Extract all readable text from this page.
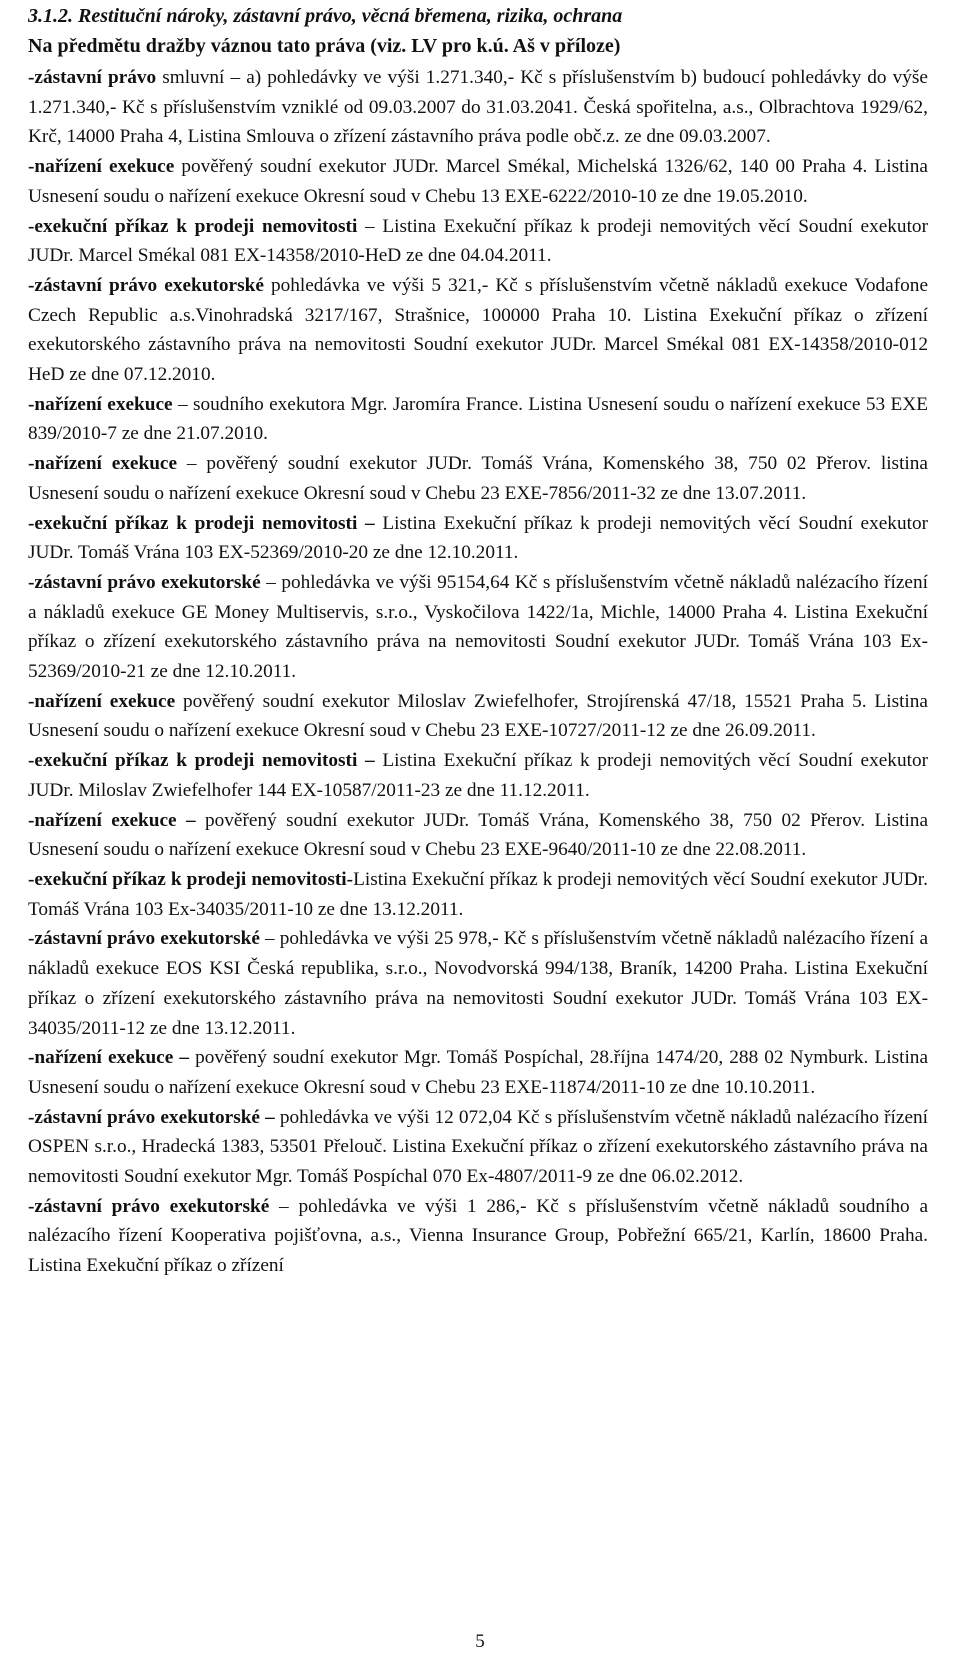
3.1.2. Restituční nároky, zástavní právo, věcná břemena, rizika, ochrana

Na předmětu dražby váznou tato práva (viz. LV pro k.ú. Aš v příloze)

-zástavní právo smluvní – a) pohledávky ve výši 1.271.340,- Kč s příslušenstvím b) budoucí pohledávky do výše 1.271.340,- Kč s příslušenstvím vzniklé od 09.03.2007 do 31.03.2041. Česká spořitelna, a.s., Olbrachtova 1929/62, Krč, 14000 Praha 4, Listina Smlouva o zřízení zástavního práva podle obč.z. ze dne 09.03.2007.

-nařízení exekuce pověřený soudní exekutor JUDr. Marcel Smékal, Michelská 1326/62, 140 00 Praha 4. Listina Usnesení soudu o nařízení exekuce Okresní soud v Chebu 13 EXE-6222/2010-10 ze dne 19.05.2010.

-exekuční příkaz k prodeji nemovitosti – Listina Exekuční příkaz k prodeji nemovitých věcí Soudní exekutor JUDr. Marcel Smékal 081 EX-14358/2010-HeD ze dne 04.04.2011.

-zástavní právo exekutorské pohledávka ve výši 5 321,- Kč s příslušenstvím včetně nákladů exekuce Vodafone Czech Republic a.s.Vinohradská 3217/167, Strašnice, 100000 Praha 10. Listina Exekuční příkaz o zřízení exekutorského zástavního práva na nemovitosti Soudní exekutor JUDr. Marcel Smékal 081 EX-14358/2010-012 HeD ze dne 07.12.2010.

-nařízení exekuce – soudního exekutora Mgr. Jaromíra France. Listina Usnesení soudu o nařízení exekuce 53 EXE 839/2010-7 ze dne 21.07.2010.

-nařízení exekuce – pověřený soudní exekutor JUDr. Tomáš Vrána, Komenského 38, 750 02 Přerov. listina Usnesení soudu o nařízení exekuce Okresní soud v Chebu 23 EXE-7856/2011-32 ze dne 13.07.2011.

-exekuční příkaz k prodeji nemovitosti – Listina Exekuční příkaz k prodeji nemovitých věcí Soudní exekutor JUDr. Tomáš Vrána 103 EX-52369/2010-20 ze dne 12.10.2011.

-zástavní právo exekutorské – pohledávka ve výši 95154,64 Kč s příslušenstvím včetně nákladů nalézacího řízení a nákladů exekuce GE Money Multiservis, s.r.o., Vyskočilova 1422/1a, Michle, 14000 Praha 4. Listina Exekuční příkaz o zřízení exekutorského zástavního práva na nemovitosti Soudní exekutor JUDr. Tomáš Vrána 103 Ex-52369/2010-21 ze dne 12.10.2011.

-nařízení exekuce pověřený soudní exekutor Miloslav Zwiefelhofer, Strojírenská 47/18, 15521 Praha 5. Listina Usnesení soudu o nařízení exekuce Okresní soud v Chebu 23 EXE-10727/2011-12 ze dne 26.09.2011.

-exekuční příkaz k prodeji nemovitosti – Listina Exekuční příkaz k prodeji nemovitých věcí Soudní exekutor JUDr. Miloslav Zwiefelhofer 144 EX-10587/2011-23 ze dne 11.12.2011.

-nařízení exekuce – pověřený soudní exekutor JUDr. Tomáš Vrána, Komenského 38, 750 02 Přerov. Listina Usnesení soudu o nařízení exekuce Okresní soud v Chebu 23 EXE-9640/2011-10 ze dne 22.08.2011.

-exekuční příkaz k prodeji nemovitosti-Listina Exekuční příkaz k prodeji nemovitých věcí Soudní exekutor JUDr. Tomáš Vrána 103 Ex-34035/2011-10 ze dne 13.12.2011.

-zástavní právo exekutorské – pohledávka ve výši 25 978,- Kč s příslušenstvím včetně nákladů nalézacího řízení a nákladů exekuce EOS KSI Česká republika, s.r.o., Novodvorská 994/138, Braník, 14200 Praha. Listina Exekuční příkaz o zřízení exekutorského zástavního práva na nemovitosti Soudní exekutor JUDr. Tomáš Vrána 103 EX-34035/2011-12 ze dne 13.12.2011.

-nařízení exekuce – pověřený soudní exekutor Mgr. Tomáš Pospíchal, 28.října 1474/20, 288 02 Nymburk. Listina Usnesení soudu o nařízení exekuce Okresní soud v Chebu 23 EXE-11874/2011-10 ze dne 10.10.2011.

-zástavní právo exekutorské – pohledávka ve výši 12 072,04 Kč s příslušenstvím včetně nákladů nalézacího řízení OSPEN s.r.o., Hradecká 1383, 53501 Přelouč. Listina Exekuční příkaz o zřízení exekutorského zástavního práva na nemovitosti Soudní exekutor Mgr. Tomáš Pospíchal 070 Ex-4807/2011-9 ze dne 06.02.2012.

-zástavní právo exekutorské – pohledávka ve výši 1 286,- Kč s příslušenstvím včetně nákladů soudního a nalézacího řízení Kooperativa pojišťovna, a.s., Vienna Insurance Group, Pobřežní 665/21, Karlín, 18600 Praha. Listina Exekuční příkaz o zřízení

5
